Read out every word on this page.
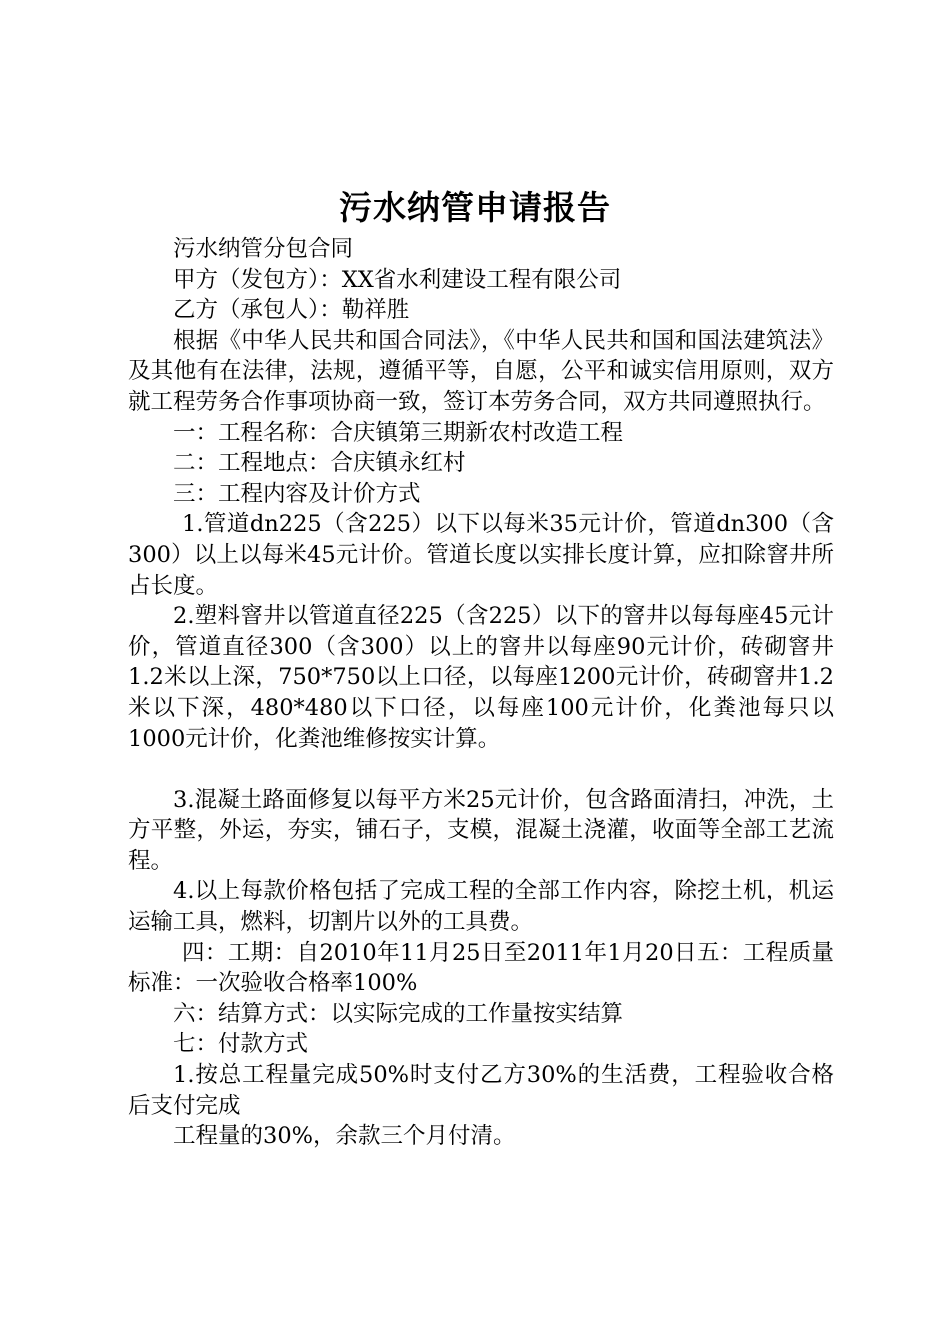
污水纳管申请报告

污水纳管分包合同

甲方（发包方）：XX省水利建设工程有限公司

乙方（承包人）：勒祥胜

根据《中华人民共和国合同法》，《中华人民共和国和国法建筑法》及其他有在法律，法规，遵循平等，自愿，公平和诚实信用原则，双方就工程劳务合作事项协商一致，签订本劳务合同，双方共同遵照执行。

一：工程名称：合庆镇第三期新农村改造工程

二：工程地点：合庆镇永红村

三：工程内容及计价方式

1.管道dn225（含225）以下以每米35元计价，管道dn300（含300）以上以每米45元计价。管道长度以实排长度计算，应扣除窨井所占长度。

2.塑料窨井以管道直径225（含225）以下的窨井以每每座45元计价，管道直径300（含300）以上的窨井以每座90元计价，砖砌窨井1.2米以上深，750*750以上口径，以每座1200元计价，砖砌窨井1.2米以下深，480*480以下口径，以每座100元计价，化粪池每只以1000元计价，化粪池维修按实计算。

3.混凝土路面修复以每平方米25元计价，包含路面清扫，冲洗，土方平整，外运，夯实，铺石子，支模，混凝土浇灌，收面等全部工艺流程。

4.以上每款价格包括了完成工程的全部工作内容，除挖土机，机运运输工具，燃料，切割片以外的工具费。

四：工期：自2010年11月25日至2011年1月20日五：工程质量标准：一次验收合格率100%

六：结算方式：以实际完成的工作量按实结算

七：付款方式

1.按总工程量完成50%时支付乙方30%的生活费，工程验收合格后支付完成

工程量的30%，余款三个月付清。
